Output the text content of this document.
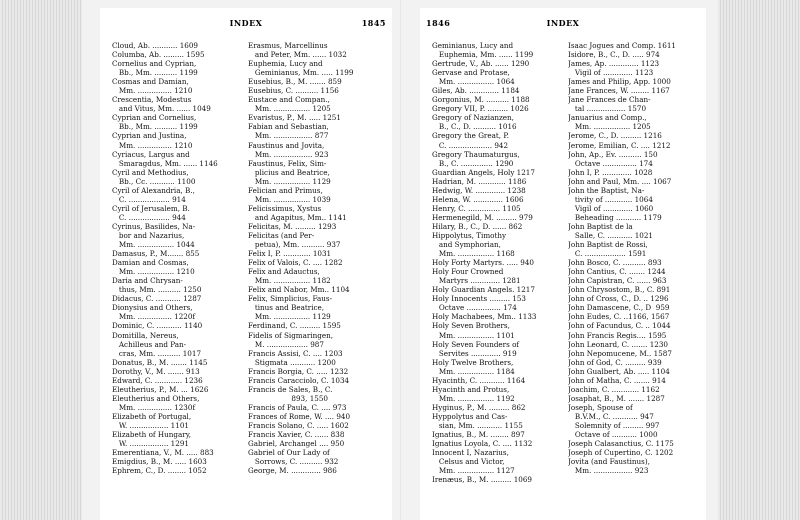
INDEX	1845
Cloud, Ab. ........... 1609
Columba, Ab. ......... 1595
Cornelius and Cyprian,
Bb., Mm. .......... 1199
Cosmas and Damian,
Mm. ............... 1210
Crescentia, Modestus
and Vitus, Mm. ...... 1049
Cyprian and Cornelius,
Bb., Mm. .......... 1199
Cyprian and Justina,
Mm. ............... 1210
Cyriacus, Largus and
Smaragdus, Mm. ...... 1146
Cyril and Methodius,
Bb., Cc. ........... 1100
Cyril of Alexandria, B.,
C. .................. 914
Cyril of Jerusalem, B.
C. .................. 944
Cyrinus, Basilides, Na-
bor and Nazarius,
Mm. ................ 1044
Damasus, P., M....... 855
Damian and Cosmas,
Mm. ................ 1210
Daria and Chrysan-
thus, Mm. .......... 1250
Didacus, C. ........... 1287
Dionysius and Others,
Mm. ............... 1220f
Dominic, C. ........... 1140
Domitilla, Nereus,
Achilleus and Pan-
cras, Mm. .......... 1017
Donatus, B., M. ....... 1145
Dorothy, V., M. ....... 913
Edward, C. ............ 1236
Eleutherius, P., M. ... 1626
Eleutherius and Others,
Mm. ............... 1230f
Elizabeth of Portugal,
W. ................. 1101
Elizabeth of Hungary,
W. ................. 1291
Emerentiana, V., M. ..... 883
Emigdius, B., M. ..... 1603
Ephrem, C., D. ........ 1052
Erasmus, Marcellinus
and Peter, Mm. ...... 1032
Euphemia, Lucy and
Geminianus, Mm. ..... 1199
Eusebius, B., M. ....... 859
Eusebius, C. .......... 1156
Eustace and Compan.,
Mm. ................ 1205
Evaristus, P., M. ..... 1251
Fabian and Sebastian,
Mm. ................. 877
Faustinus and Jovita,
Mm. ................. 923
Faustinus, Felix, Sim-
plicius and Beatrice,
Mm. ................ 1129
Felician and Primus,
Mm. ................ 1039
Felicissimus, Xystus
and Agapitus, Mm.. 1141
Felicitas, M. ......... 1293
Felicitas (and Per-
petua), Mm. .......... 937
Felix I, P. ............ 1031
Felix of Valois, C. .... 1282
Felix and Adauctus,
Mm. ................ 1182
Felix and Nabor, Mm.. 1104
Felix, Simplicius, Faus-
tinus and Beatrice,
Mm. ................ 1129
Ferdinand, C. ......... 1595
Fidelis of Sigmaringen,
M. .................. 987
Francis Assisi, C. .... 1203
Stigmata ........... 1200
Francis Borgia, C. ..... 1232
Francis Caracciolo, C. 1034
Francis de Sales, B., C.
893, 1550
Francis of Paula, C. .... 973
Frances of Rome, W. .... 940
Francis Solano, C. ..... 1602
Francis Xavier, C. ...... 838
Gabriel, Archangel .... 950
Gabriel of Our Lady of
Sorrows, C. .......... 932
George, M. ............. 986
1846	INDEX
Geminianus, Lucy and
Euphemia, Mm. ...... 1199
Gertrude, V., Ab. ...... 1290
Gervase and Protase,
Mm. ................ 1064
Giles, Ab. ............. 1184
Gorgonius, M. .......... 1188
Gregory VII, P. ......... 1026
Gregory of Nazianzen,
B., C., D. .......... 1016
Gregory the Great, P.
C. ................... 942
Gregory Thaumaturgus,
B., C. .............. 1290
Guardian Angels, Holy 1217
Hadrian, M. ............ 1186
Hedwig, W. ............. 1238
Helena, W. ............. 1606
Henry, C. .............. 1105
Hermenegild, M. ......... 979
Hilary, B., C., D. ...... 862
Hippolytus, Timothy
and Symphorian,
Mm. ................ 1168
Holy Forty Martyrs. ..... 940
Holy Four Crowned
Martyrs ............. 1281
Holy Guardian Angels. 1217
Holy Innocents ......... 153
Octave ............... 174
Holy Machabees, Mm.. 1133
Holy Seven Brothers,
Mm. ................ 1101
Holy Seven Founders of
Servites ............. 919
Holy Twelve Brothers,
Mm. ................ 1184
Hyacinth, C. ........... 1164
Hyacinth and Protus,
Mm. ................ 1192
Hyginus, P., M. ......... 862
Hyppolytus and Cas-
sian, Mm. ........... 1155
Ignatius, B., M. ........ 897
Ignatius Loyola, C. .... 1132
Innocent I, Nazarius,
Celsus and Victor,
Mm. ................ 1127
Irenæus, B., M. ......... 1069
Isaac Jogues and Comp. 1611
Isidore, B., C., D. ..... 974
James, Ap. ............. 1123
Vigil of ............. 1123
James and Philip, App. 1000
Jane Frances, W. ........ 1167
Jane Frances de Chan-
tal ................. 1570
Januarius and Comp.,
Mm. ................ 1205
Jerome, C., D. ......... 1216
Jerome, Emilian, C. .... 1212
John, Ap., Ev. .......... 150
Octave ............... 174
John I, P. ............. 1028
John and Paul, Mm. .... 1067
John the Baptist, Na-
tivity of ............ 1064
Vigil of ............. 1060
Beheading ........... 1179
John Baptist de la
Salle, C. ........... 1021
John Baptist de Rossi,
C. .................. 1591
John Bosco, C. .......... 893
John Cantius, C. ....... 1244
John Capistran, C. ...... 963
John Chrysostom, B., C. 891
John of Cross, C., D. .. 1296
John Damascene, C., D  959
John Eudes, C. ..1166, 1567
John of Facundus, C. .. 1044
John Francis Regis.... 1595
John Leonard, C. ....... 1230
John Nepomucene, M.. 1587
John of God, C. ......... 939
John Gualbert, Ab. ..... 1104
John of Matha, C. ....... 914
Joachim, C. ............ 1162
Josaphat, B., M. ....... 1287
Joseph, Spouse of
B.V.M., C. ........... 947
Solemnity of ......... 997
Octave of ........... 1000
Joseph Calasanctius, C. 1175
Joseph of Cupertino, C. 1202
Jovita (and Faustinus),
Mm. ................. 923
